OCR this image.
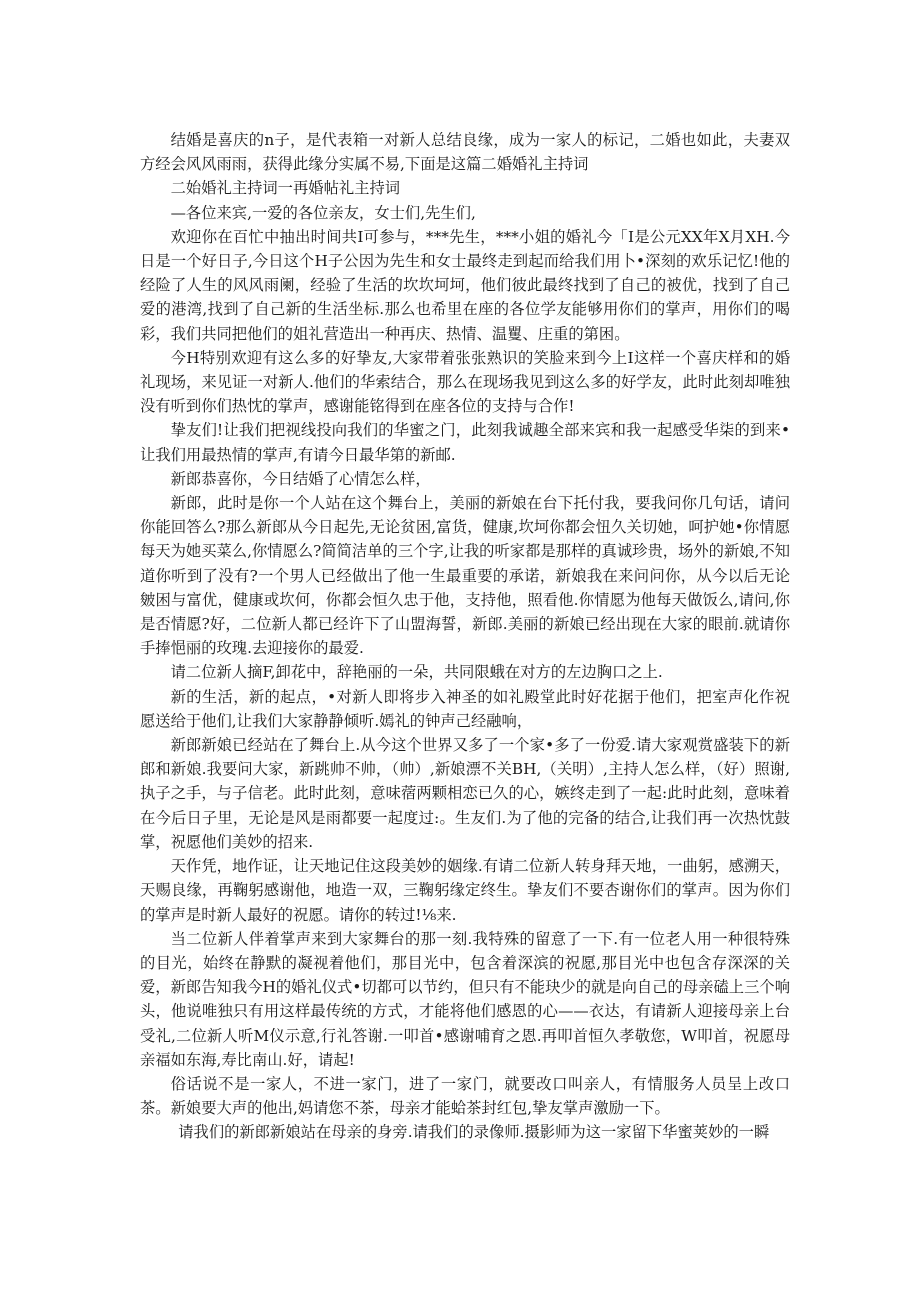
结婚是喜庆的n子，是代表箱一对新人总结良缘，成为一家人的标记，二婚也如此，夫妻双方经会风风雨雨，获得此缘分实属不易,下面是这篇二婚婚礼主持词

二始婚礼主持词一再婚帖礼主持词

—各位来宾,一爱的各位亲友，女士们,先生们,

欢迎你在百忙中抽出时间共I可参与，***先生，***小姐的婚礼今「I是公元XX年X月XH.今日是一个好日子,今日这个H子公因为先生和女士最终走到起而给我们用卜•深刻的欢乐记忆!他的经险了人生的风风雨阑，经验了生活的坎坎坷坷，他们彼此最终找到了自己的被优，找到了自己爱的港湾,找到了自己新的生活坐标.那么也希里在座的各位学友能够用你们的掌声，用你们的喝彩，我们共同把他们的姐礼营造出一种再庆、热情、温矍、庄重的第困。

今H特别欢迎有这么多的好挚友,大家带着张张熟识的笑脸来到今上I这样一个喜庆样和的婚礼现场，来见证一对新人.他们的华索结合，那么在现场我见到这么多的好学友，此时此刻却唯独没有听到你们热忱的掌声，感谢能铭得到在座各位的支持与合作!

挚友们!让我们把视线投向我们的华蜜之门，此刻我诚趣全部来宾和我一起感受华柒的到来•让我们用最热情的掌声,有请今日最华第的新邮.

新郎恭喜你，今日结婚了心情怎么样，

新郎，此时是你一个人站在这个舞台上，美丽的新娘在台下托付我，要我问你几句话，请问你能回答么?那么新郎从今日起先,无论贫困,富货，健康,坎坷你都会忸久关切她，呵护她•你情愿每天为她买菜么,你情愿么?简简洁单的三个字,让我的听家都是那样的真诚珍贵，场外的新娘,不知道你听到了没有?一个男人已经做出了他一生最重要的承诺，新娘我在来问问你，从今以后无论皴困与富优，健康或坎何，你都会恒久忠于他，支持他，照看他.你情愿为他每天做饭么,请问,你是否情愿?好，二位新人都已经许下了山盟海誓，新郎.美丽的新娘已经出现在大家的眼前.就请你手捧悒丽的玫瑰.去迎接你的最爱.

请二位新人摘F,卸花中，辞艳丽的一朵，共同限蛾在对方的左边胸口之上.

新的生活，新的起点，•对新人即将步入神圣的如礼殿堂此时好花据于他们，把室声化作祝愿送给于他们,让我们大家静静倾听.嫣礼的钟声己经融响，

新郎新娘已经站在了舞台上.从今这个世界又多了一个家•多了一份爱.请大家观赏盛装下的新郎和新娘.我要问大家，新跳帅不帅，（帅）,新娘漂不关BH,（关明）,主持人怎么样，（好）照谢,执子之手，与子信老。此时此刻，意味蓿两颗相恋已久的心，嫉终走到了一起:此时此刻，意味着在今后日子里，无论是风是雨都要一起度过:。生友们.为了他的完备的结合,让我们再一次热忱鼓掌，祝愿他们美妙的招来.

天作凭，地作证，让天地记住这段美妙的姻缘.有请二位新人转身拜天地，一曲躬，感溯天，天赐良缘，再鞠躬感谢他，地造一双，三鞠躬缘定终生。挚友们不要杏谢你们的掌声。因为你们的掌声是时新人最好的祝愿。请你的转过!⅛来.

当二位新人伴着掌声来到大家舞台的那一刻.我特殊的留意了一下.有一位老人用一种很特殊的目光，始终在静默的凝视着他们，那目光中，包含着深滨的祝愿,那目光中也包含存深深的关爱，新郎告知我今H的婚礼仪式•切都可以节约，但只有不能玦少的就是向自己的母亲磕上三个响头，他说唯独只有用这样最传统的方式，才能将他们感恩的心——衣达，有请新人迎接母亲上台受礼,二位新人听M仪示意,行礼答谢.一叩首•感谢哺育之恩.再叩首恒久孝敬您，W叩首，祝愿母亲福如东海,寿比南山.好，请起!

俗话说不是一家人，不进一家门，进了一家门，就要改口叫亲人，有情服务人员呈上改口茶。新娘要大声的他出,妈请您不茶，母亲才能蛤茶封红包,挚友掌声激励一下。

请我们的新郎新娘站在母亲的身旁.请我们的录像师.摄影师为这一家留下华蜜荚妙的一瞬
